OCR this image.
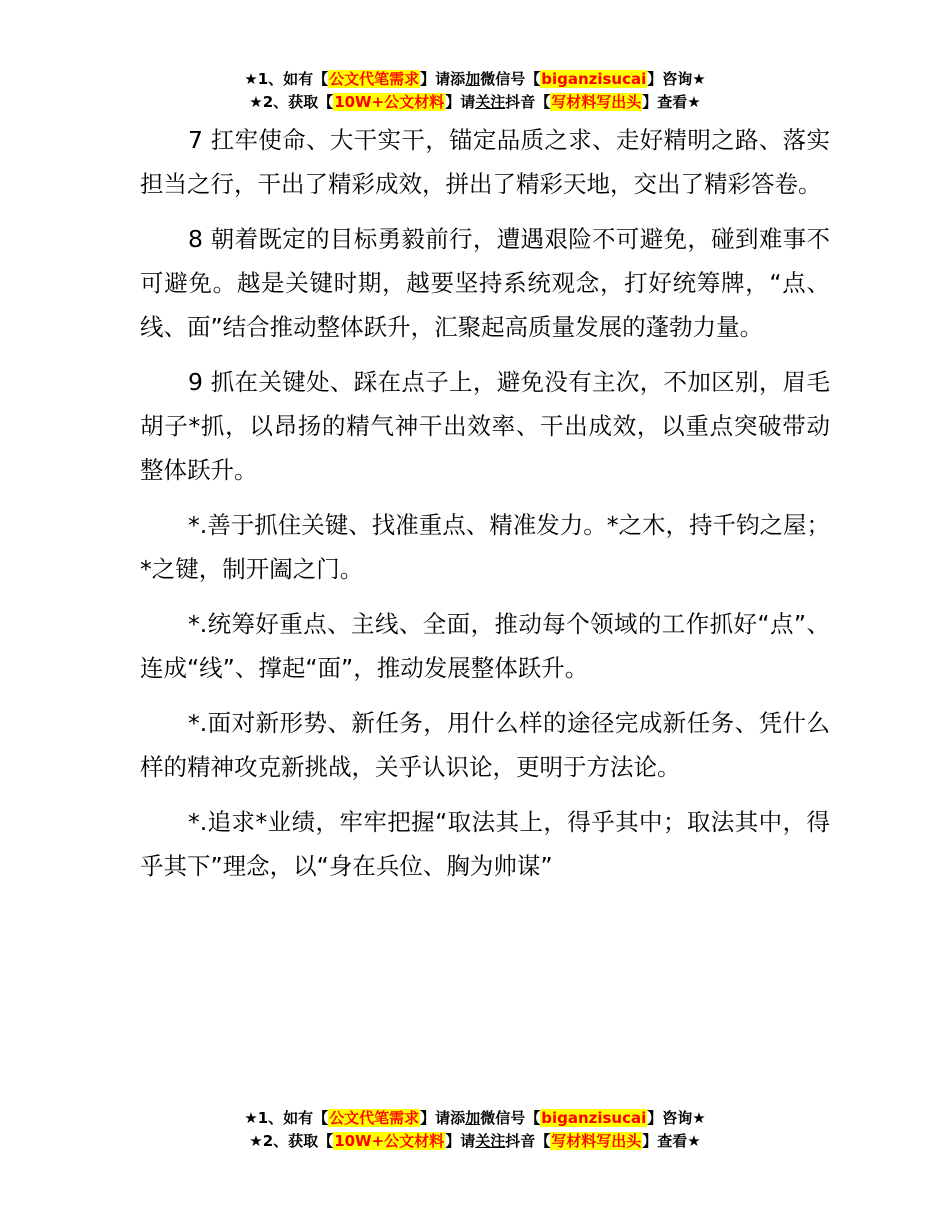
★1、如有【公文代笔需求】请添加微信号【biganzisucai】咨询★
★2、获取【10W+公文材料】请关注抖音【写材料写出头】查看★

7 扛牢使命、大干实干，锚定品质之求、走好精明之路、落实担当之行，干出了精彩成效，拼出了精彩天地，交出了精彩答卷。

8 朝着既定的目标勇毅前行，遭遇艰险不可避免，碰到难事不可避免。越是关键时期，越要坚持系统观念，打好统筹牌，“点、线、面”结合推动整体跃升，汇聚起高质量发展的蓬勃力量。

9 抓在关键处、踩在点子上，避免没有主次，不加区别，眉毛胡子*抓，以昂扬的精气神干出效率、干出成效，以重点突破带动整体跃升。

*.善于抓住关键、找准重点、精准发力。*之木，持千钧之屋；*之键，制开阖之门。

*.统筹好重点、主线、全面，推动每个领域的工作抓好“点”、连成“线”、撑起“面”，推动发展整体跃升。

*.面对新形势、新任务，用什么样的途径完成新任务、凭什么样的精神攻克新挑战，关乎认识论，更明于方法论。

*.追求*业绩，牢牢把握“取法其上，得乎其中；取法其中，得乎其下”理念，以“身在兵位、胸为帅谋”

★1、如有【公文代笔需求】请添加微信号【biganzisucai】咨询★
★2、获取【10W+公文材料】请关注抖音【写材料写出头】查看★
